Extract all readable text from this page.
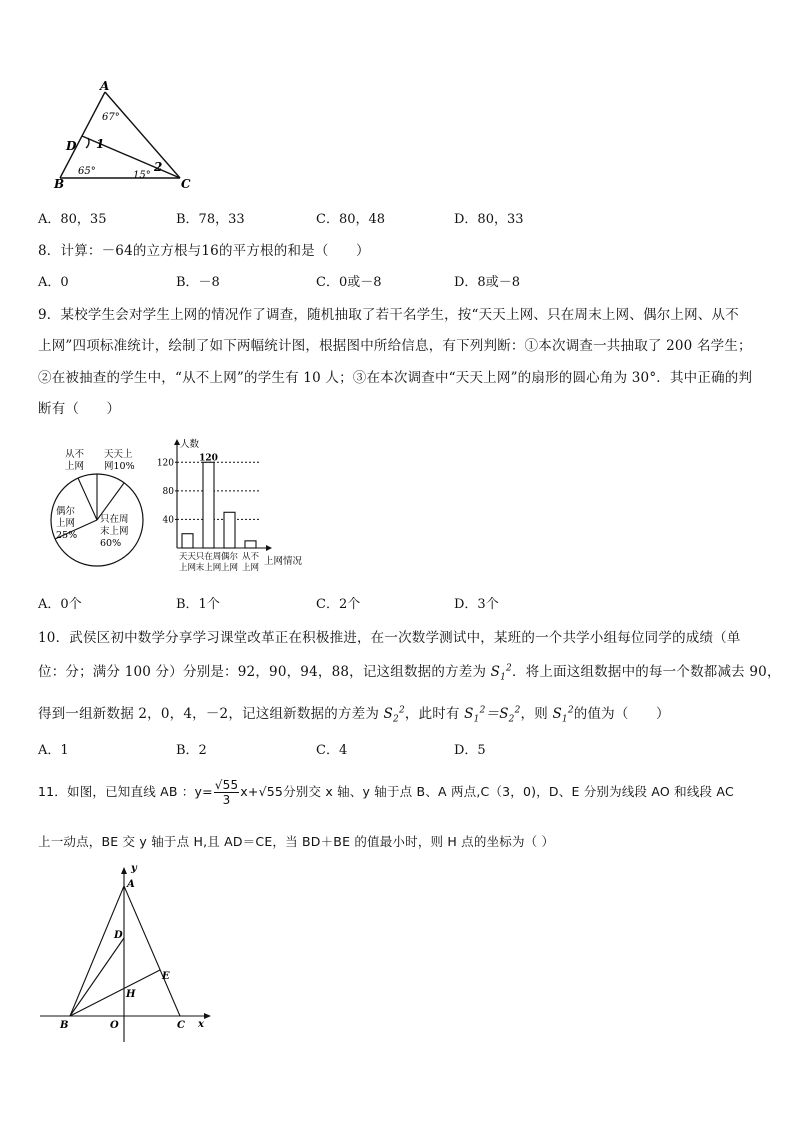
A
D
B	C
1
2
67°
65°	15°
A．80，35	B．78，33	C．80，48	D．80，33
8．计算：－64的立方根与16的平方根的和是（　　）
A．0	B．－8	C．0或－8	D．8或－8
9．某校学生会对学生上网的情况作了调查，随机抽取了若干名学生，按“天天上网、只在周末上网、偶尔上网、从不
上网”四项标准统计，绘制了如下两幅统计图，根据图中所给信息，有下列判断：①本次调查一共抽取了 200 名学生；
②在被抽查的学生中，“从不上网”的学生有 10 人；③在本次调查中“天天上网”的扇形的圆心角为 30°．其中正确的判
断有（　　）
从不
上网
天天上
网10%
偶尔
上网
25%
只在周
末上网
60%
40
80
120
人数
上网情况
天天
上网
120
只在周
末上网
偶尔
上网
从不
上网
A．0个	B．1个	C．2个	D．3个
10．武侯区初中数学分享学习课堂改革正在积极推进，在一次数学测试中，某班的一个共学小组每位同学的成绩（单
位：分；满分 100 分）分别是：92，90，94，88，记这组数据的方差为 $S_1^2$．将上面这组数据中的每一个数都减去 90，
得到一组新数据 2，0，4，－2，记这组新数据的方差为 $S_2^2$，此时有 $S_1^2=S_2^2$，则 $S_1^2$的值为（　　）
A．1	B．2	C．4	D．5
11．如图，已知直线 AB ：$y= \frac{√55}{3} x+√55$分别交 x 轴、y 轴于点 B、A 两点,C（3，0)，D、E 分别为线段 AO 和线段 AC
上一动点，BE 交 y 轴于点 H,且 AD＝CE，当 BD＋BE 的值最小时，则 H 点的坐标为（ ）
y
A
D
E
H
B	O	C x
